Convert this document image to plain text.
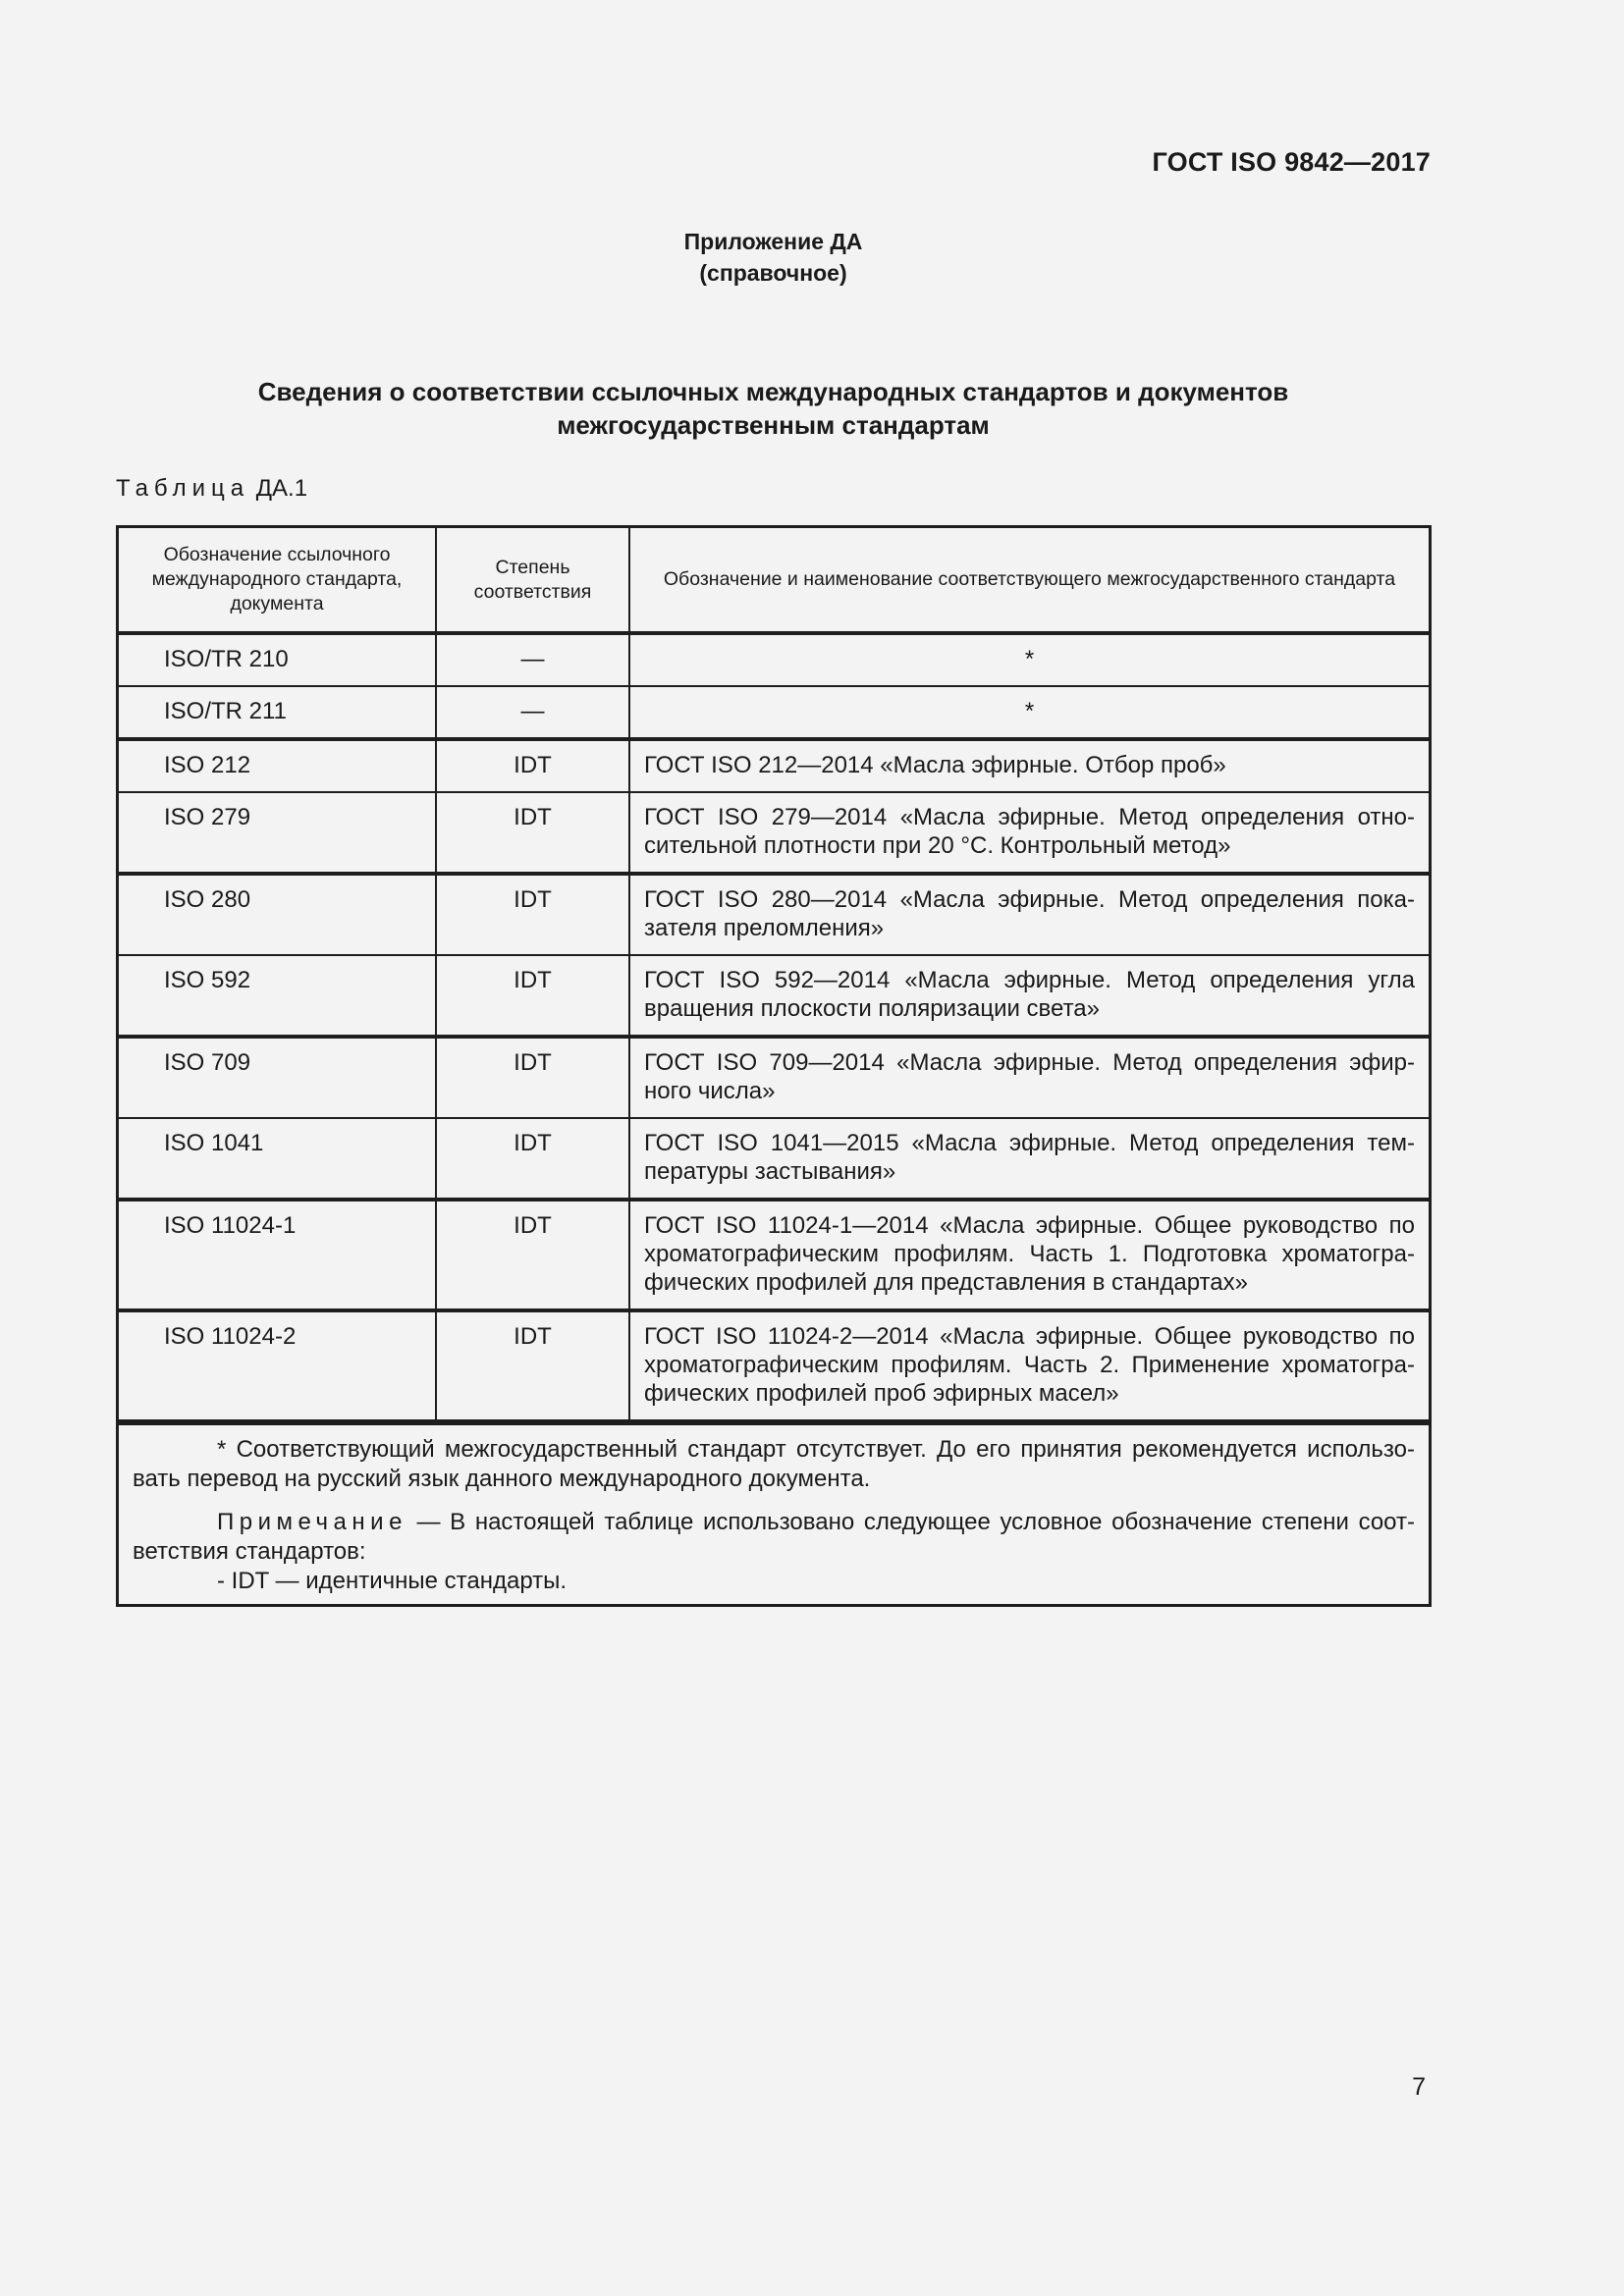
ГОСТ ISO 9842—2017
Приложение ДА
(справочное)
Сведения о соответствии ссылочных международных стандартов и документов
межгосударственным стандартам
Таблица ДА.1
Обозначение ссылочного международного стандарта, документа	Степень соответствия	Обозначение и наименование соответствующего межгосударственного стандарта
ISO/TR 210	—	*
ISO/TR 211	—	*
ISO 212	IDT	ГОСТ ISO 212—2014 «Масла эфирные. Отбор проб»
ISO 279	IDT	ГОСТ ISO 279—2014 «Масла эфирные. Метод определения относительной плотности при 20 °С. Контрольный метод»
ISO 280	IDT	ГОСТ ISO 280—2014 «Масла эфирные. Метод определения показателя преломления»
ISO 592	IDT	ГОСТ ISO 592—2014 «Масла эфирные. Метод определения угла вращения плоскости поляризации света»
ISO 709	IDT	ГОСТ ISO 709—2014 «Масла эфирные. Метод определения эфирного числа»
ISO 1041	IDT	ГОСТ ISO 1041—2015 «Масла эфирные. Метод определения температуры застывания»
ISO 11024-1	IDT	ГОСТ ISO 11024-1—2014 «Масла эфирные. Общее руководство по хроматографическим профилям. Часть 1. Подготовка хроматографических профилей для представления в стандартах»
ISO 11024-2	IDT	ГОСТ ISO 11024-2—2014 «Масла эфирные. Общее руководство по хроматографическим профилям. Часть 2. Применение хроматографических профилей проб эфирных масел»

* Соответствующий межгосударственный стандарт отсутствует. До его принятия рекомендуется использовать перевод на русский язык данного международного документа.

Примечание — В настоящей таблице использовано следующее условное обозначение степени соответствия стандартов:

- IDT — идентичные стандарты.

7
